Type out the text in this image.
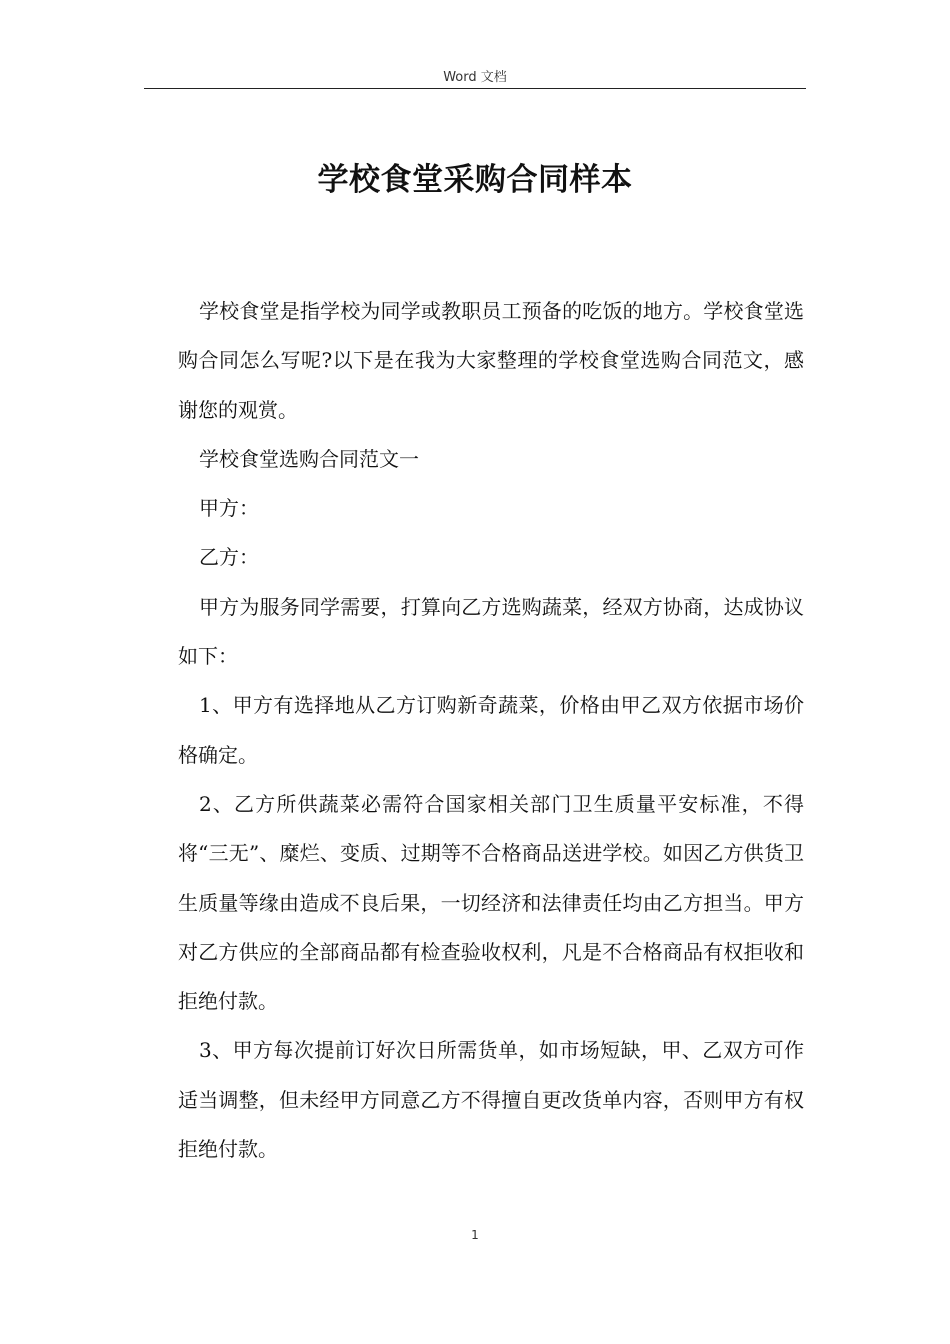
Word 文档
学校食堂采购合同样本

学校食堂是指学校为同学或教职员工预备的吃饭的地方。学校食堂选购合同怎么写呢?以下是在我为大家整理的学校食堂选购合同范文，感谢您的观赏。

学校食堂选购合同范文一

甲方：

乙方：

甲方为服务同学需要，打算向乙方选购蔬菜，经双方协商，达成协议如下：

1、甲方有选择地从乙方订购新奇蔬菜，价格由甲乙双方依据市场价格确定。

2、乙方所供蔬菜必需符合国家相关部门卫生质量平安标准，不得将“三无”、糜烂、变质、过期等不合格商品送进学校。如因乙方供货卫生质量等缘由造成不良后果，一切经济和法律责任均由乙方担当。甲方对乙方供应的全部商品都有检查验收权利，凡是不合格商品有权拒收和拒绝付款。

3、甲方每次提前订好次日所需货单，如市场短缺，甲、乙双方可作适当调整，但未经甲方同意乙方不得擅自更改货单内容，否则甲方有权拒绝付款。

1
